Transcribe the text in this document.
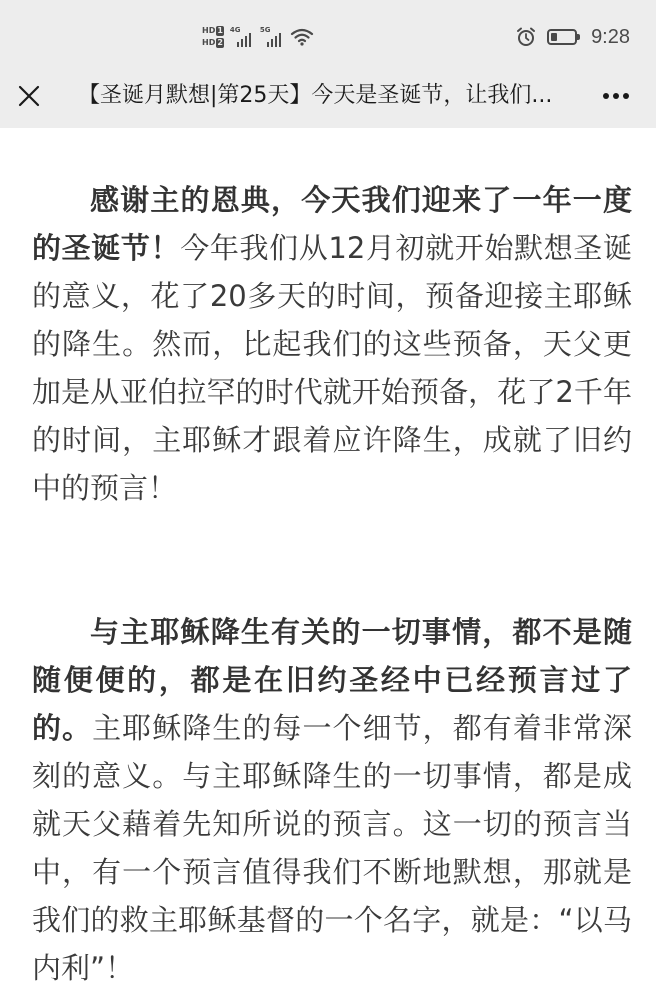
HD 1
HD 2
4G	5G	9:28
【圣诞月默想|第25天】今天是圣诞节，让我们...

感谢主的恩典，今天我们迎来了一年一度的圣诞节！今年我们从12月初就开始默想圣诞的意义，花了20多天的时间，预备迎接主耶稣的降生。然而，比起我们的这些预备，天父更加是从亚伯拉罕的时代就开始预备，花了2千年的时间，主耶稣才跟着应许降生，成就了旧约中的预言！

与主耶稣降生有关的一切事情，都不是随随便便的，都是在旧约圣经中已经预言过了的。主耶稣降生的每一个细节，都有着非常深刻的意义。与主耶稣降生的一切事情，都是成就天父藉着先知所说的预言。这一切的预言当中，有一个预言值得我们不断地默想，那就是我们的救主耶稣基督的一个名字，就是：“以马内利”！
